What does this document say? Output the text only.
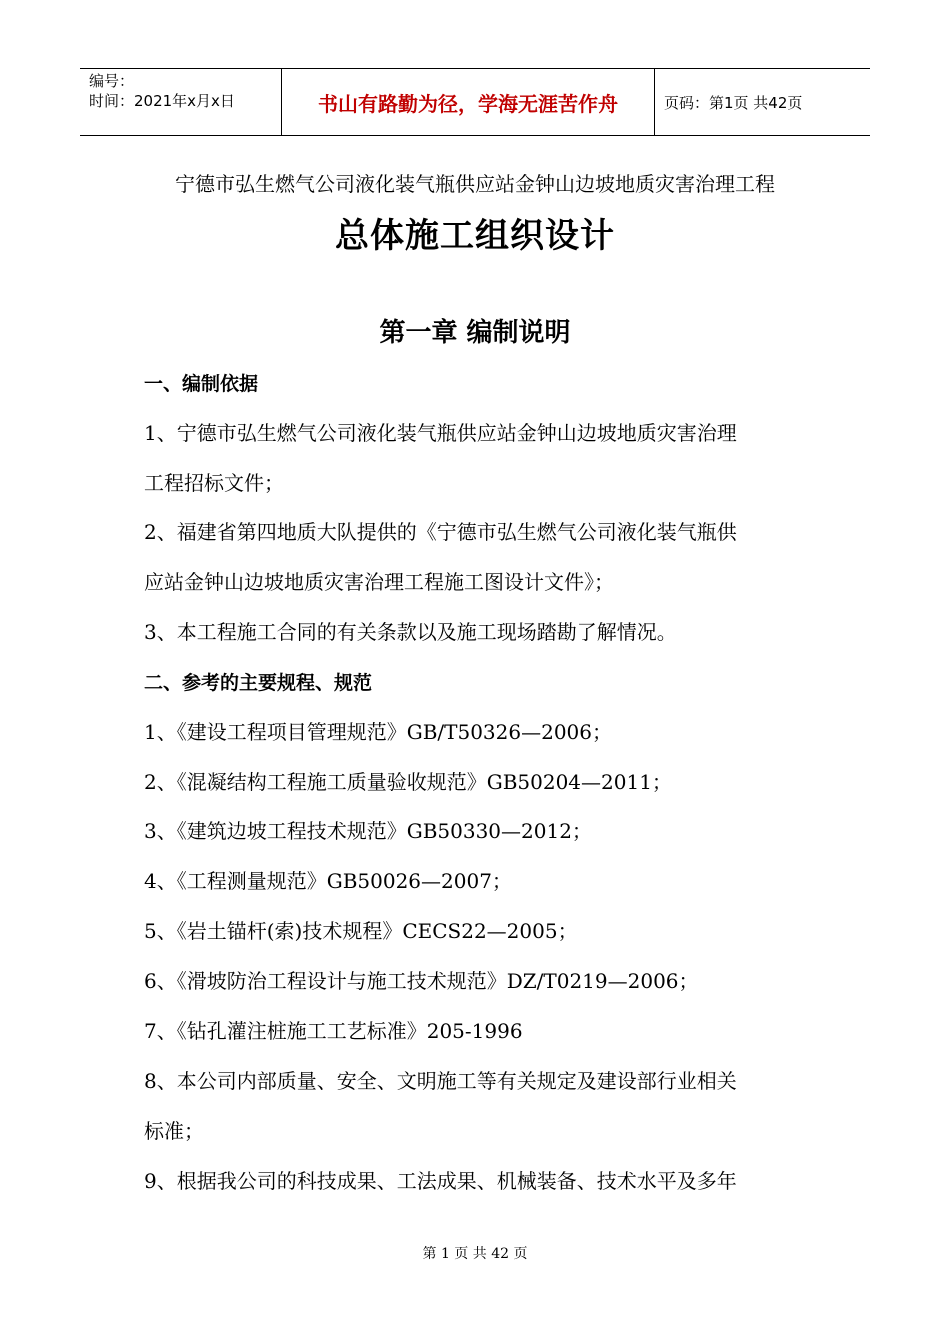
编号：
时间：2021年x月x日	书山有路勤为径，学海无涯苦作舟	页码：第1页 共42页
宁德市弘生燃气公司液化装气瓶供应站金钟山边坡地质灾害治理工程
总体施工组织设计
第一章 编制说明
一、编制依据
1、宁德市弘生燃气公司液化装气瓶供应站金钟山边坡地质灾害治理
工程招标文件；
2、福建省第四地质大队提供的《宁德市弘生燃气公司液化装气瓶供
应站金钟山边坡地质灾害治理工程施工图设计文件》；
3、本工程施工合同的有关条款以及施工现场踏勘了解情况。
二、参考的主要规程、规范
1、《建设工程项目管理规范》GB/T50326—2006；
2、《混凝结构工程施工质量验收规范》GB50204—2011；
3、《建筑边坡工程技术规范》GB50330—2012；
4、《工程测量规范》GB50026—2007；
5、《岩土锚杆(索)技术规程》CECS22—2005；
6、《滑坡防治工程设计与施工技术规范》DZ/T0219—2006；
7、《钻孔灌注桩施工工艺标准》205-1996
8、本公司内部质量、安全、文明施工等有关规定及建设部行业相关
标准；
9、根据我公司的科技成果、工法成果、机械装备、技术水平及多年
第 1 页 共 42 页
